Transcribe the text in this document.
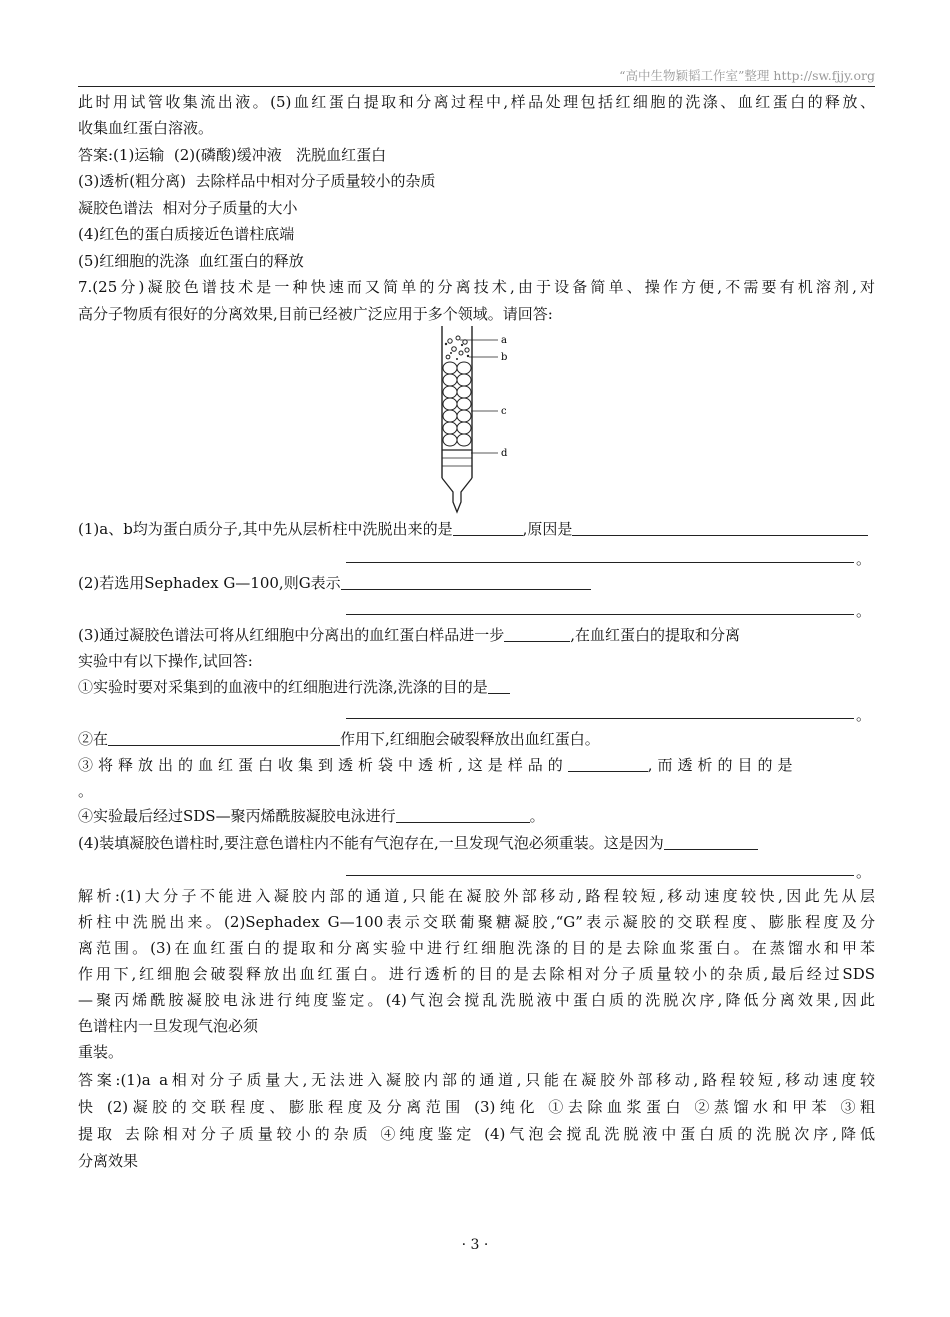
“高中生物颖韬工作室”整理 http://sw.fjjy.org
此时用试管收集流出液。(5)血红蛋白提取和分离过程中,样品处理包括红细胞的洗涤、血红蛋白的释放、
收集血红蛋白溶液。
答案:(1)运输  (2)(磷酸)缓冲液   洗脱血红蛋白
(3)透析(粗分离)  去除样品中相对分子质量较小的杂质
凝胶色谱法  相对分子质量的大小
(4)红色的蛋白质接近色谱柱底端
(5)红细胞的洗涤  血红蛋白的释放
7.(25分)凝胶色谱技术是一种快速而又简单的分离技术,由于设备简单、操作方便,不需要有机溶剂,对
高分子物质有很好的分离效果,目前已经被广泛应用于多个领域。请回答:
a
b
c
d
(1)a、b均为蛋白质分子,其中先从层析柱中洗脱出来的是	,原因是
。
(2)若选用Sephadex G—100,则G表示
。
(3)通过凝胶色谱法可将从红细胞中分离出的血红蛋白样品进一步	,在血红蛋白的提取和分离
实验中有以下操作,试回答:
①实验时要对采集到的血液中的红细胞进行洗涤,洗涤的目的是
。
②在	作用下,红细胞会破裂释放出血红蛋白。
③将释放出的血红蛋白收集到透析袋中透析,这是样品的	,而透析的目的是
。
④实验最后经过SDS—聚丙烯酰胺凝胶电泳进行	。
(4)装填凝胶色谱柱时,要注意色谱柱内不能有气泡存在,一旦发现气泡必须重装。这是因为
。
解析:(1)大分子不能进入凝胶内部的通道,只能在凝胶外部移动,路程较短,移动速度较快,因此先从层
析柱中洗脱出来。(2)Sephadex G—100表示交联葡聚糖凝胶,“G”表示凝胶的交联程度、膨胀程度及分
离范围。(3)在血红蛋白的提取和分离实验中进行红细胞洗涤的目的是去除血浆蛋白。在蒸馏水和甲苯
作用下,红细胞会破裂释放出血红蛋白。进行透析的目的是去除相对分子质量较小的杂质,最后经过SDS
—聚丙烯酰胺凝胶电泳进行纯度鉴定。(4)气泡会搅乱洗脱液中蛋白质的洗脱次序,降低分离效果,因此
色谱柱内一旦发现气泡必须
重装。
答案:(1)a a相对分子质量大,无法进入凝胶内部的通道,只能在凝胶外部移动,路程较短,移动速度较
快 (2)凝胶的交联程度、膨胀程度及分离范围 (3)纯化 ①去除血浆蛋白 ②蒸馏水和甲苯 ③粗
提取 去除相对分子质量较小的杂质 ④纯度鉴定 (4)气泡会搅乱洗脱液中蛋白质的洗脱次序,降低
分离效果
· 3 ·
